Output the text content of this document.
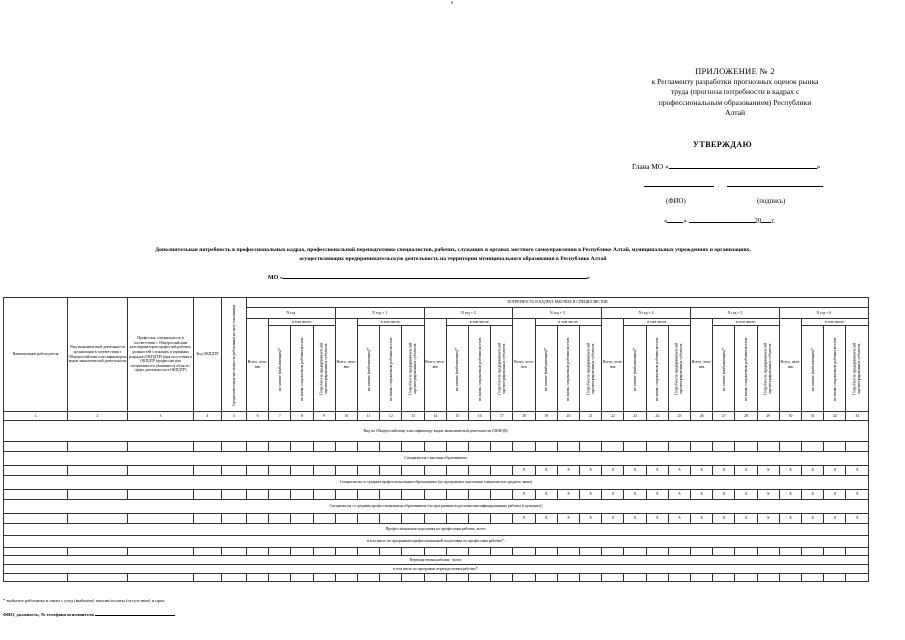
6
ПРИЛОЖЕНИЕ № 2
к Регламенту разработки прогнозных оценок рынка
труда (прогноза потребности в кадрах с
профессиональным образованием) Республики
Алтай
УТВЕРЖДАЮ
Глава МО «	»
(ФИО)	(подпись)
« »	20 г.
Дополнительная потребность в профессиональных кадрах, профессиональной переподготовке специалистов, рабочих, служащих в органах местного самоуправления в Республике Алтай, муниципальных учреждениях и организациях,
осуществляющих предпринимательскую деятельность на территории муниципального образования в Республике Алтай
МО «	»
Наименование работодателя	Вид экономической деятельности организации в соответствии с Общероссийским классификатором видов экономической деятельности	Профессия, специальность в соответствии с Общероссийским классификатором профессий рабочих, должностей служащих и тарифных разрядов (ОКПДТР) (при отсутствии в ОКПДТР профессии или специальности указывается область / сфера деятельности в ОКПДТР)	Код ОКПДТР	Среднесписочная численность работников на дату заполнения	ПОТРЕБНОСТЬ В КАДРАХ РАБОЧИХ И СПЕЦИАЛИСТОВ																											
					N год				N год + 1				N год + 2				N год + 3				N год + 4				N год + 5				N год + 6			
					Всего, чело-век	в том числе:			Всего, чело-век	в том числе:			Всего, чело-век	в том числе:			Всего, чело-век	в том числе:			Всего, чело-век	в том числе:			Всего, чело-век	в том числе:			Всего, чело-век	в том числе:		
						по замене (выбывающих)*	по вновь создаваемым рабочим местам	Потребность предпринимателей зарегистрированных субъектов		по замене (выбывающих)*	по вновь создаваемым рабочим местам	Потребность предпринимателей зарегистрированных субъектов		по замене (выбывающих)*	по вновь создаваемым рабочим местам	Потребность предпринимателей зарегистрированных субъектов		по замене (выбывающих)*	по вновь создаваемым рабочим местам	Потребность предпринимателей зарегистрированных субъектов		по замене (выбывающих)*	по вновь создаваемым рабочим местам	Потребность предпринимателей зарегистрированных субъектов		по замене (выбывающих)*	по вновь создаваемым рабочим местам	Потребность предпринимателей зарегистрированных субъектов		по замене (выбывающих)*	по вновь создаваемым рабочим местам	Потребность предпринимателей зарегистрированных субъектов
1	2	3	4	5	6	7	8	9	10	11	12	13	14	15	16	17	18	19	20	21	22	23	24	25	26	27	28	29	30	31	32	33
Вид по Общероссийскому классификатору видов экономической деятельности (ОКВЭД):																																

Специалисты с высшим образованием:																																
																	X	X	X	X	X	X	X	X	X	X	X	X	X	X	X	X
Специалисты со средним профессиональным образованием (по программам подготовки специалистов среднего звена)																																
																	X	X	X	X	X	X	X	X	X	X	X	X	X	X	X	X
Специалисты со средним профессиональным образованием (по программам подготовки квалифицированных рабочих (служащих))																																
																	X	X	X	X	X	X	X	X	X	X	X	X	X	X	X	X
Профессиональная подготовка по профессиям рабочих, всего:																																
в том числе по программам профессиональной подготовки по профессиям рабочих*:																																

Переподготовка рабочих - всего:																																
в том числе по программе переподготовки рабочих*:																																

* выбытие работника в связи с уход (выбытие) пенсии/оплаты (отсутствие) и проч.
ФИО, должность, № телефона исполнителя
